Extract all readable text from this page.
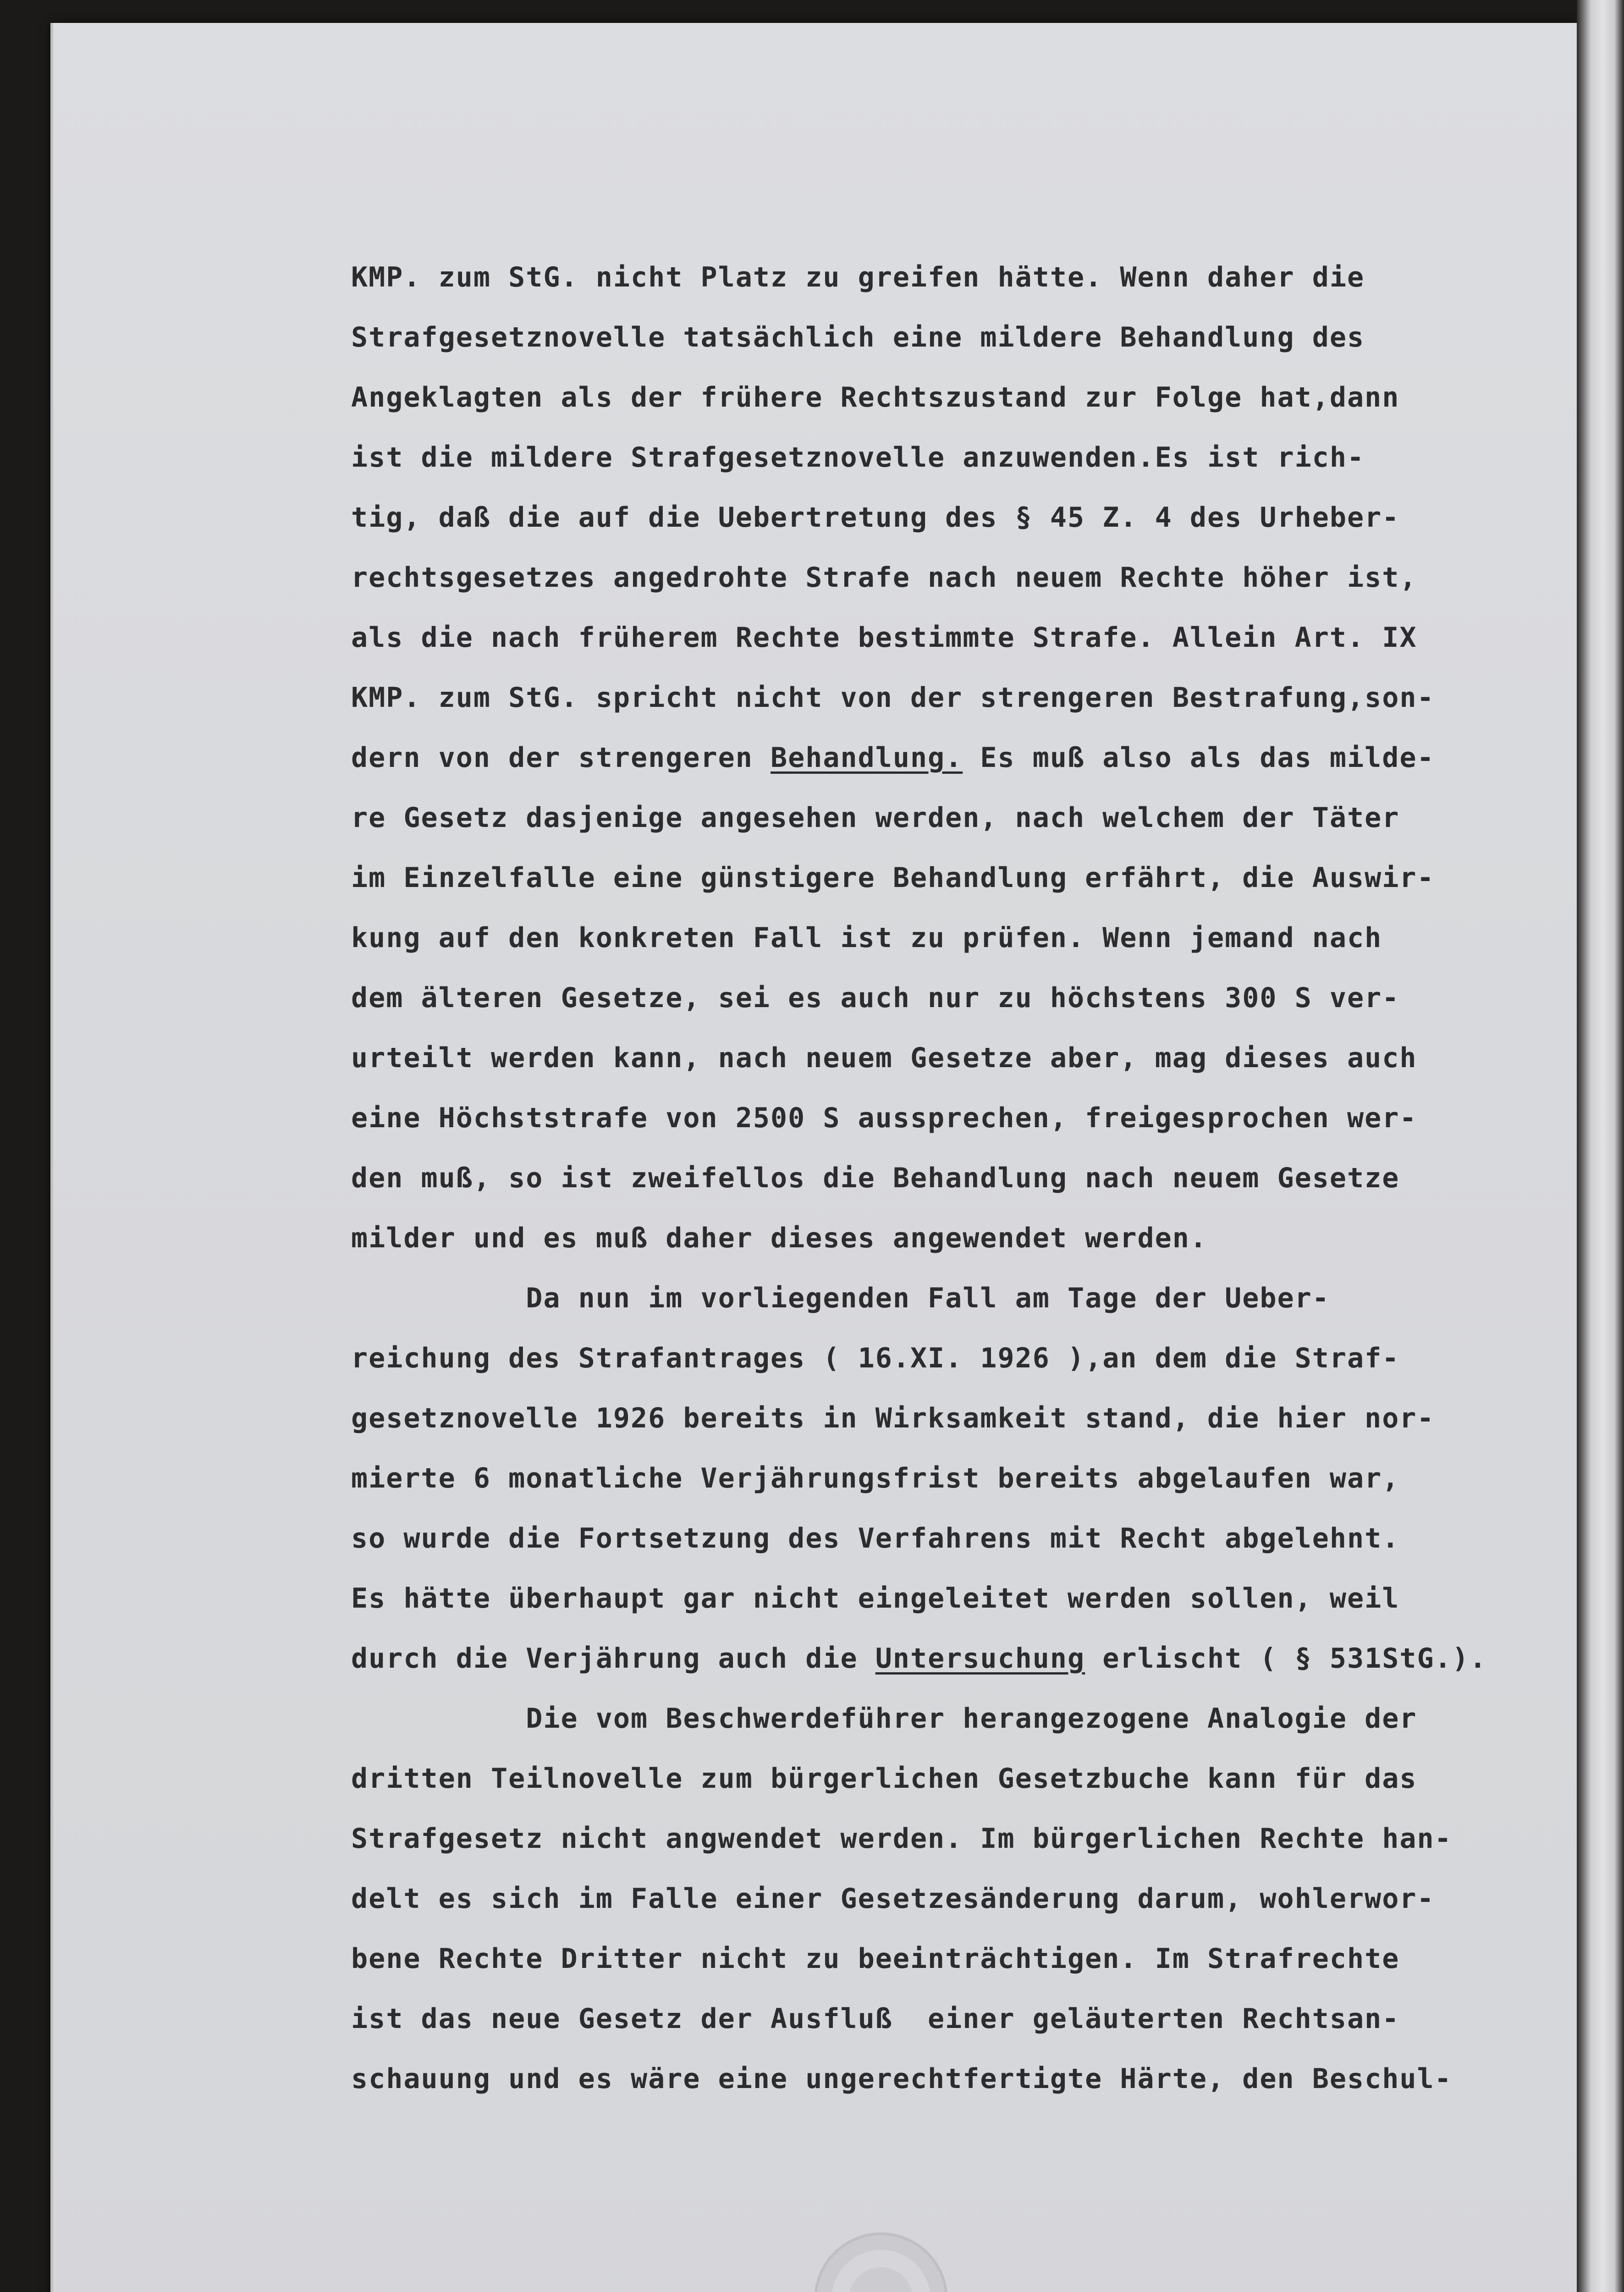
KMP. zum StG. nicht Platz zu greifen hätte. Wenn daher die
Strafgesetznovelle tatsächlich eine mildere Behandlung des
Angeklagten als der frühere Rechtszustand zur Folge hat,dann
ist die mildere Strafgesetznovelle anzuwenden.Es ist rich-
tig, daß die auf die Uebertretung des § 45 Z. 4 des Urheber-
rechtsgesetzes angedrohte Strafe nach neuem Rechte höher ist,
als die nach früherem Rechte bestimmte Strafe. Allein Art. IX
KMP. zum StG. spricht nicht von der strengeren Bestrafung,son-
dern von der strengeren Behandlung. Es muß also als das milde-
re Gesetz dasjenige angesehen werden, nach welchem der Täter
im Einzelfalle eine günstigere Behandlung erfährt, die Auswir-
kung auf den konkreten Fall ist zu prüfen. Wenn jemand nach
dem älteren Gesetze, sei es auch nur zu höchstens 300 S ver-
urteilt werden kann, nach neuem Gesetze aber, mag dieses auch
eine Höchststrafe von 2500 S aussprechen, freigesprochen wer-
den muß, so ist zweifellos die Behandlung nach neuem Gesetze
milder und es muß daher dieses angewendet werden.
Da nun im vorliegenden Fall am Tage der Ueber-
reichung des Strafantrages ( 16.XI. 1926 ),an dem die Straf-
gesetznovelle 1926 bereits in Wirksamkeit stand, die hier nor-
mierte 6 monatliche Verjährungsfrist bereits abgelaufen war,
so wurde die Fortsetzung des Verfahrens mit Recht abgelehnt.
Es hätte überhaupt gar nicht eingeleitet werden sollen, weil
durch die Verjährung auch die Untersuchung erlischt ( § 531StG.).
Die vom Beschwerdeführer herangezogene Analogie der
dritten Teilnovelle zum bürgerlichen Gesetzbuche kann für das
Strafgesetz nicht angwendet werden. Im bürgerlichen Rechte han-
delt es sich im Falle einer Gesetzesänderung darum, wohlerwor-
bene Rechte Dritter nicht zu beeinträchtigen. Im Strafrechte
ist das neue Gesetz der Ausfluß  einer geläuterten Rechtsan-
schauung und es wäre eine ungerechtfertigte Härte, den Beschul-
